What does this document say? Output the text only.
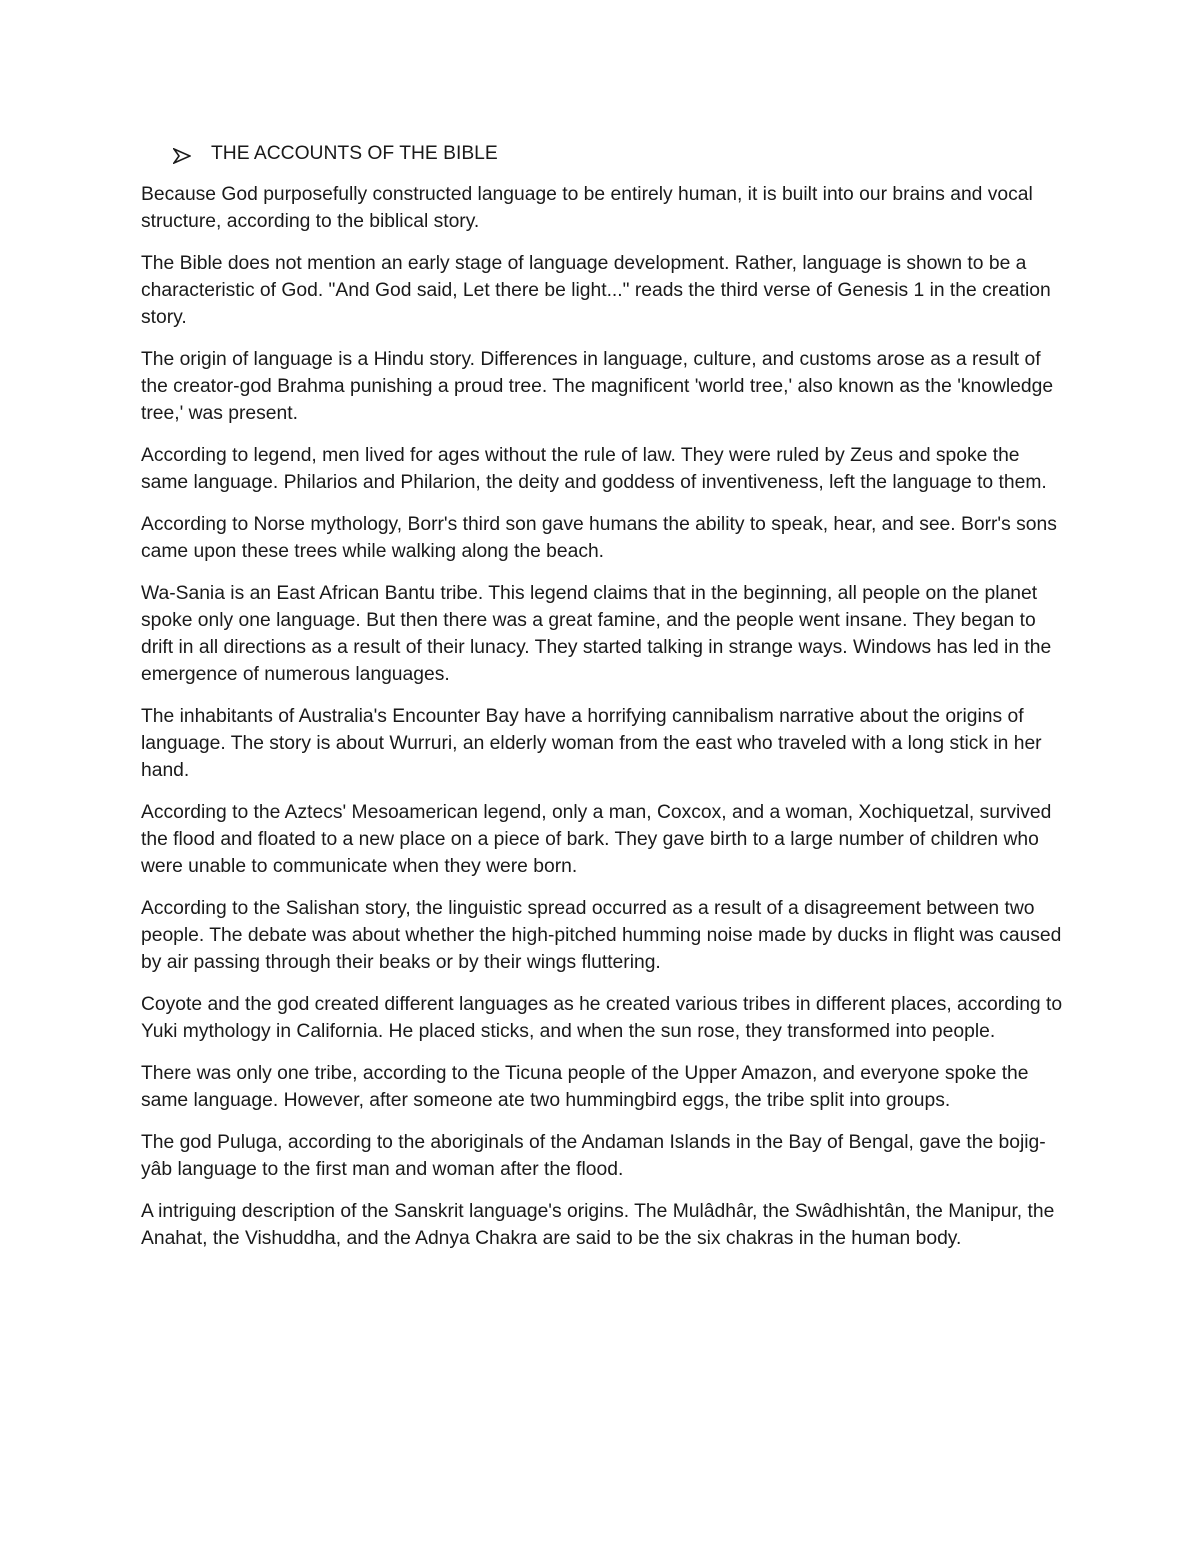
THE ACCOUNTS OF THE BIBLE

Because God purposefully constructed language to be entirely human, it is built into our brains and vocal structure, according to the biblical story.

The Bible does not mention an early stage of language development. Rather, language is shown to be a characteristic of God. "And God said, Let there be light..." reads the third verse of Genesis 1 in the creation story.

The origin of language is a Hindu story. Differences in language, culture, and customs arose as a result of the creator-god Brahma punishing a proud tree. The magnificent 'world tree,' also known as the 'knowledge tree,' was present.

According to legend, men lived for ages without the rule of law. They were ruled by Zeus and spoke the same language. Philarios and Philarion, the deity and goddess of inventiveness, left the language to them.

According to Norse mythology, Borr's third son gave humans the ability to speak, hear, and see. Borr's sons came upon these trees while walking along the beach.

Wa-Sania is an East African Bantu tribe. This legend claims that in the beginning, all people on the planet spoke only one language. But then there was a great famine, and the people went insane. They began to drift in all directions as a result of their lunacy. They started talking in strange ways. Windows has led in the emergence of numerous languages.

The inhabitants of Australia's Encounter Bay have a horrifying cannibalism narrative about the origins of language. The story is about Wurruri, an elderly woman from the east who traveled with a long stick in her hand.

According to the Aztecs' Mesoamerican legend, only a man, Coxcox, and a woman, Xochiquetzal, survived the flood and floated to a new place on a piece of bark. They gave birth to a large number of children who were unable to communicate when they were born.

According to the Salishan story, the linguistic spread occurred as a result of a disagreement between two people. The debate was about whether the high-pitched humming noise made by ducks in flight was caused by air passing through their beaks or by their wings fluttering.

Coyote and the god created different languages as he created various tribes in different places, according to Yuki mythology in California. He placed sticks, and when the sun rose, they transformed into people.

There was only one tribe, according to the Ticuna people of the Upper Amazon, and everyone spoke the same language. However, after someone ate two hummingbird eggs, the tribe split into groups.

The god Puluga, according to the aboriginals of the Andaman Islands in the Bay of Bengal, gave the bojig-yâb language to the first man and woman after the flood.

A intriguing description of the Sanskrit language's origins. The Mulâdhâr, the Swâdhishtân, the Manipur, the Anahat, the Vishuddha, and the Adnya Chakra are said to be the six chakras in the human body.
